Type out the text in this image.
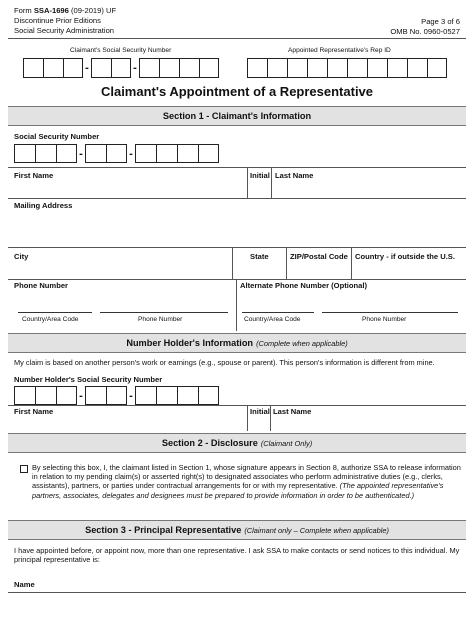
Form SSA-1696 (09-2019) UF
Discontinue Prior Editions
Social Security Administration
Page 3 of 6
OMB No. 0960-0527
Claimant's Social Security Number	Appointed Representative's Rep ID
-	-
Claimant's Appointment of a Representative
Section 1 - Claimant's Information
Social Security Number
-	-
First Name	Initial Last Name
Mailing Address
City	State	ZIP/Postal Code Country - if outside the U.S.
Phone Number	Alternate Phone Number (Optional)
Country/Area Code	Phone Number	Country/Area Code	Phone Number
Number Holder's Information (Complete when applicable)
My claim is based on another person's work or earnings (e.g., spouse or parent). This person's information is different from mine.
Number Holder's Social Security Number
-	-
First Name	Initial Last Name
Section 2 - Disclosure (Claimant Only)
By selecting this box, I, the claimant listed in Section 1, whose signature appears in Section 8, authorize SSA to release information in relation to my pending claim(s) or asserted right(s) to designated associates who perform administrative duties (e.g., clerks, assistants), partners, or parties under contractual arrangements for or with my representative. (The appointed representative's partners, associates, delegates and designees must be prepared to provide information in order to be authenticated.)
Section 3 - Principal Representative (Claimant only – Complete when applicable)
I have appointed before, or appoint now, more than one representative. I ask SSA to make contacts or send notices to this individual. My principal representative is:
Name
